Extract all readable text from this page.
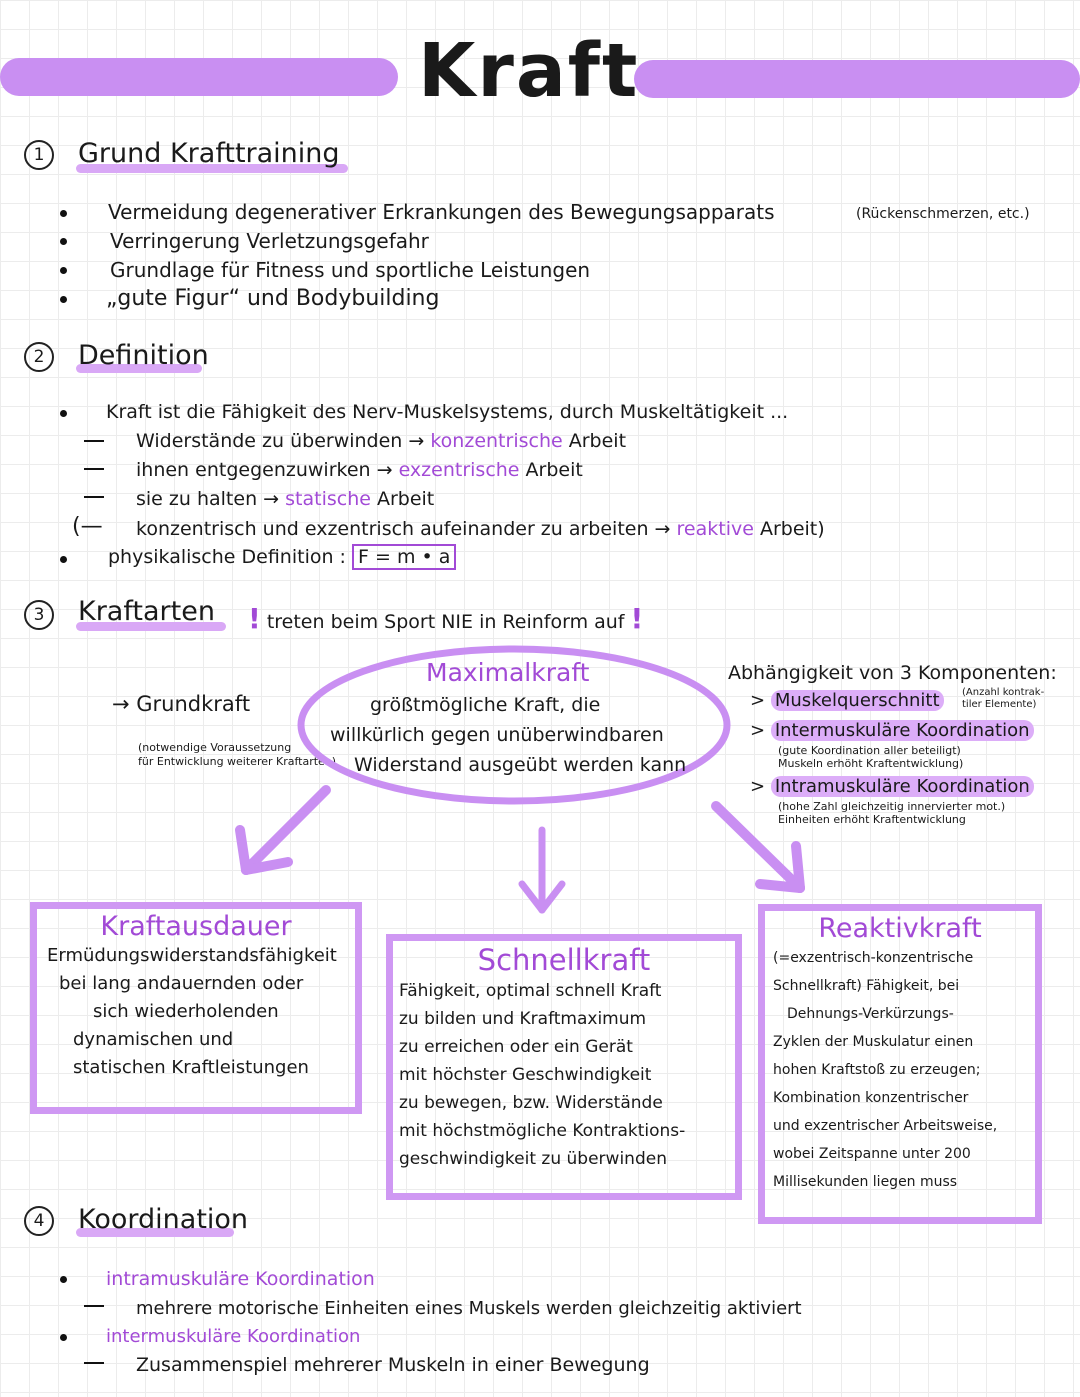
Kraft
1	Grund Krafttraining
Vermeidung degenerativer Erkrankungen des Bewegungsapparats	(Rückenschmerzen, etc.)
Verringerung Verletzungsgefahr
Grundlage für Fitness und sportliche Leistungen
„gute Figur“ und Bodybuilding
2	Definition
Kraft ist die Fähigkeit des Nerv-Muskelsystems, durch Muskeltätigkeit ...
Widerstände zu überwinden → konzentrische Arbeit
ihnen entgegenzuwirken → exzentrische Arbeit
sie zu halten → statische Arbeit
(— konzentrisch und exzentrisch aufeinander zu arbeiten → reaktive Arbeit)
physikalische Definition : F = m • a
3	Kraftarten ! treten beim Sport NIE in Reinform auf !
→ Grundkraft
(notwendige Voraussetzung
für Entwicklung weiterer Kraftarten)
Maximalkraft
größtmögliche Kraft, die
willkürlich gegen unüberwindbaren
Widerstand ausgeübt werden kann
Abhängigkeit von 3 Komponenten:
> Muskelquerschnitt	(Anzahl kontrak-
tiler Elemente)
> Intermuskuläre Koordination
(gute Koordination aller beteiligt)
Muskeln erhöht Kraftentwicklung)
> Intramuskuläre Koordination
(hohe Zahl gleichzeitig innervierter mot.)
Einheiten erhöht Kraftentwicklung
Kraftausdauer
Ermüdungswiderstandsfähigkeit
bei lang andauernden oder
sich wiederholenden
dynamischen und
statischen Kraftleistungen
Schnellkraft
Fähigkeit, optimal schnell Kraft
zu bilden und Kraftmaximum
zu erreichen oder ein Gerät
mit höchster Geschwindigkeit
zu bewegen, bzw. Widerstände
mit höchstmögliche Kontraktions-
geschwindigkeit zu überwinden
Reaktivkraft
(=exzentrisch-konzentrische
Schnellkraft) Fähigkeit, bei
Dehnungs-Verkürzungs-
Zyklen der Muskulatur einen
hohen Kraftstoß zu erzeugen;
Kombination konzentrischer
und exzentrischer Arbeitsweise,
wobei Zeitspanne unter 200
Millisekunden liegen muss
4	Koordination
intramuskuläre Koordination
mehrere motorische Einheiten eines Muskels werden gleichzeitig aktiviert
intermuskuläre Koordination
Zusammenspiel mehrerer Muskeln in einer Bewegung
